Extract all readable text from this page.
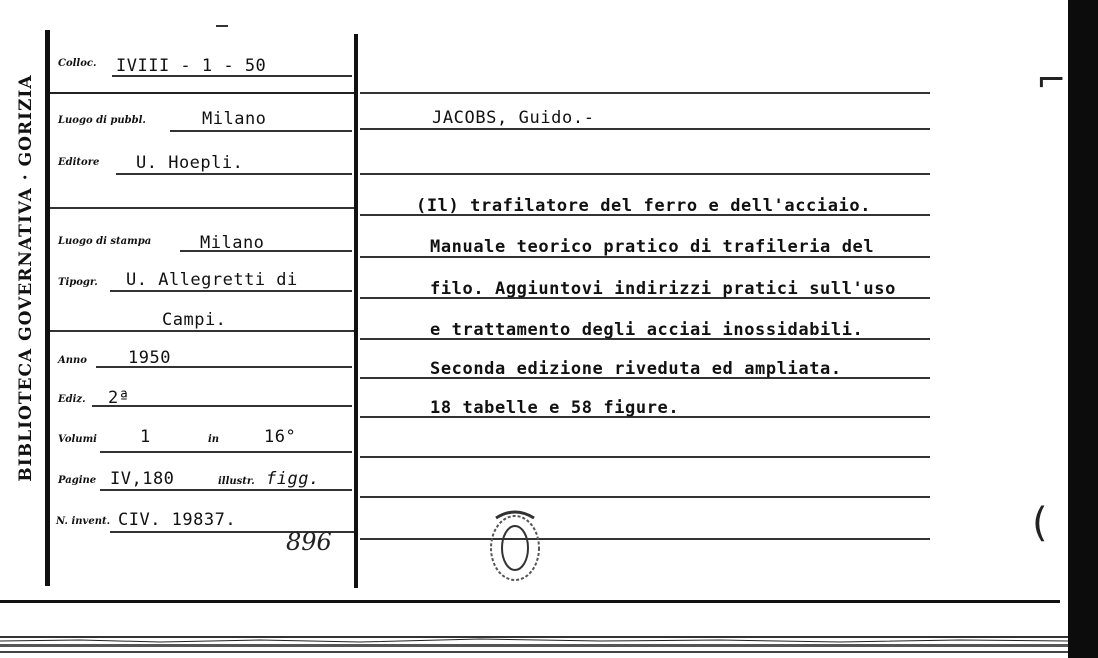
BIBLIOTECA GOVERNATIVA · GORIZIA
Colloc. IVIII - 1 - 50
Luogo di pubbl.	Milano
Editore U. Hoepli.
Luogo di stampa	Milano
Tipogr. U. Allegretti di
Campi.
Anno 1950
Ediz. 2ª
Volumi	1	in	16°
Pagine IV,180	illustr. figg.
N. invent. CIV. 19837.
896
JACOBS, Guido.-
(Il) trafilatore del ferro e dell'acciaio.
Manuale teorico pratico di trafileria del
filo. Aggiuntovi indirizzi pratici sull'uso
e trattamento degli acciai inossidabili.
Seconda edizione riveduta ed ampliata.
18 tabelle e 58 figure.
⌐
(
